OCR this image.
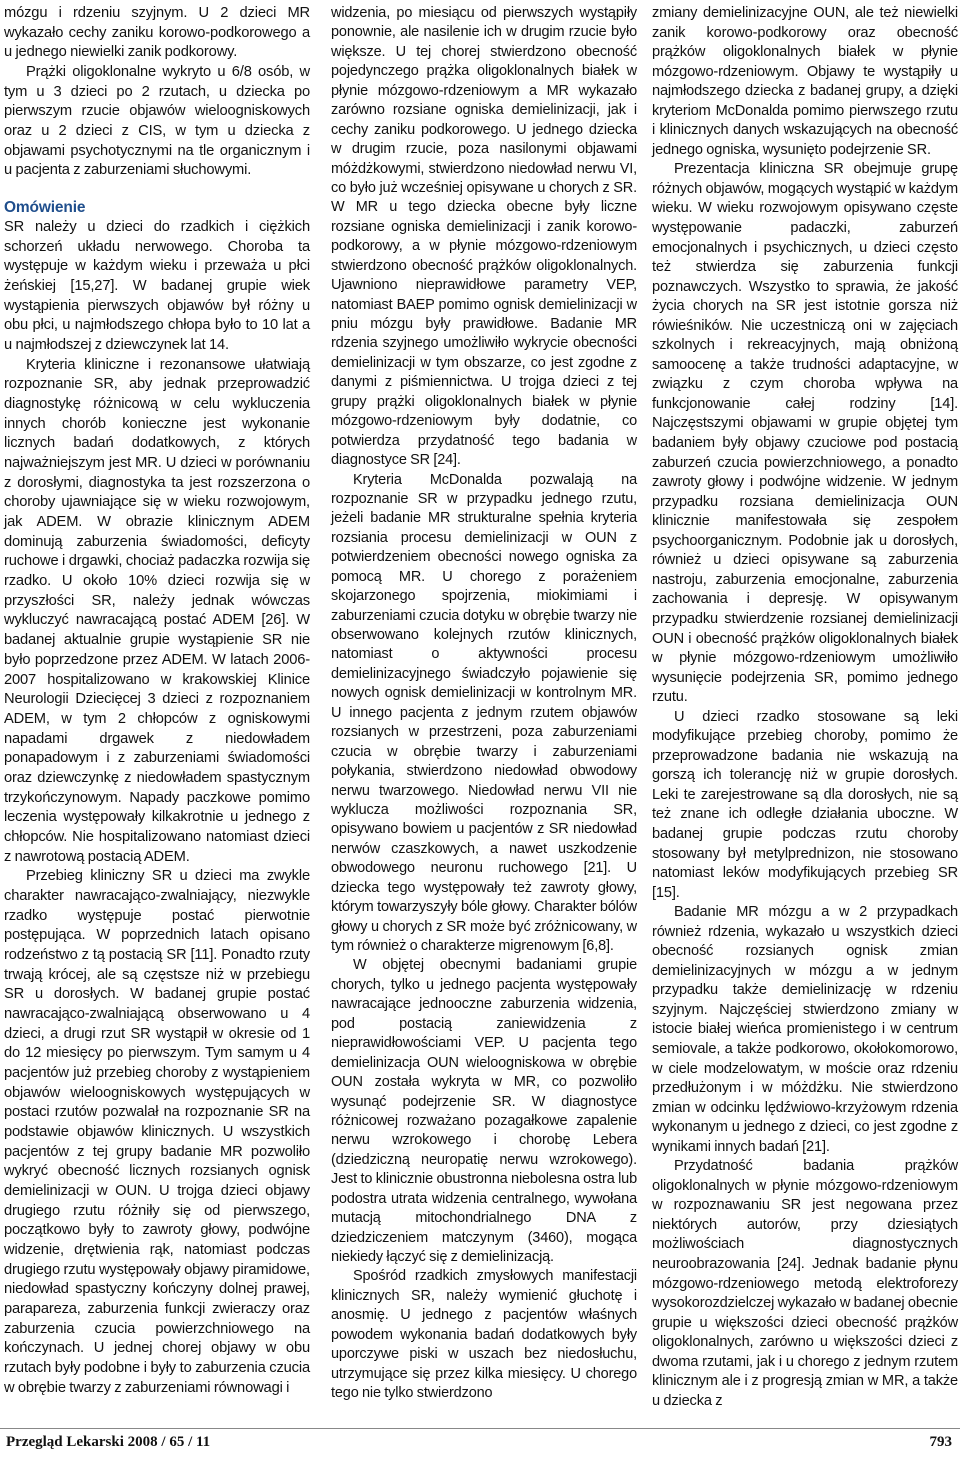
mózgu i rdzeniu szyjnym. U 2 dzieci MR wykazało cechy zaniku korowo-podkorowego a u jednego niewielki zanik podkorowy.

Prążki oligoklonalne wykryto u 6/8 osób, w tym u 3 dzieci po 2 rzutach, u dziecka po pierwszym rzucie objawów wieloogniskowych oraz u 2 dzieci z CIS, w tym u dziecka z objawami psychotycznymi na tle organicznym i u pacjenta z zaburzeniami słuchowymi.

Omówienie

SR należy u dzieci do rzadkich i ciężkich schorzeń układu nerwowego. Choroba ta występuje w każdym wieku i przeważa u płci żeńskiej [15,27]. W badanej grupie wiek wystąpienia pierwszych objawów był różny u obu płci, u najmłodszego chłopa było to 10 lat a u najmłodszej z dziewczynek lat 14.

Kryteria kliniczne i rezonansowe ułatwiają rozpoznanie SR, aby jednak przeprowadzić diagnostykę różnicową w celu wykluczenia innych chorób konieczne jest wykonanie licznych badań dodatkowych, z których najważniejszym jest MR. U dzieci w porównaniu z dorosłymi, diagnostyka ta jest rozszerzona o choroby ujawniające się w wieku rozwojowym, jak ADEM. W obrazie klinicznym ADEM dominują zaburzenia świadomości, deficyty ruchowe i drgawki, chociaż padaczka rozwija się rzadko. U około 10% dzieci rozwija się w przyszłości SR, należy jednak wówczas wykluczyć nawracającą postać ADEM [26]. W badanej aktualnie grupie wystąpienie SR nie było poprzedzone przez ADEM. W latach 2006-2007 hospitalizowano w krakowskiej Klinice Neurologii Dziecięcej 3 dzieci z rozpoznaniem ADEM, w tym 2 chłopców z ogniskowymi napadami drgawek z niedowładem ponapadowym i z zaburzeniami świadomości oraz dziewczynkę z niedowładem spastycznym trzykończynowym. Napady paczkowe pomimo leczenia występowały kilkakrotnie u jednego z chłopców. Nie hospitalizowano natomiast dzieci z nawrotową postacią ADEM.

Przebieg kliniczny SR u dzieci ma zwykle charakter nawracająco-zwalniający, niezwykle rzadko występuje postać pierwotnie postępująca. W poprzednich latach opisano rodzeństwo z tą postacią SR [11]. Ponadto rzuty trwają krócej, ale są częstsze niż w przebiegu SR u dorosłych. W badanej grupie postać nawracająco-zwalniającą obserwowano u 4 dzieci, a drugi rzut SR wystąpił w okresie od 1 do 12 miesięcy po pierwszym. Tym samym u 4 pacjentów już przebieg choroby z wystąpieniem objawów wieloogniskowych występujących w postaci rzutów pozwalał na rozpoznanie SR na podstawie objawów klinicznych. U wszystkich pacjentów z tej grupy badanie MR pozwoliło wykryć obecność licznych rozsianych ognisk demielinizacji w OUN. U trojga dzieci objawy drugiego rzutu różniły się od pierwszego, początkowo były to zawroty głowy, podwójne widzenie, drętwienia rąk, natomiast podczas drugiego rzutu występowały objawy piramidowe, niedowład spastyczny kończyny dolnej prawej, parapareza, zaburzenia funkcji zwieraczy oraz zaburzenia czucia powierzchniowego na kończynach. U jednej chorej objawy w obu rzutach były podobne i były to zaburzenia czucia w obrębie twarzy z zaburzeniami równowagi i

widzenia, po miesiącu od pierwszych wystąpiły ponownie, ale nasilenie ich w drugim rzucie było większe. U tej chorej stwierdzono obecność pojedynczego prążka oligoklonalnych białek w płynie mózgowo-rdzeniowym a MR wykazało zarówno rozsiane ogniska demielinizacji, jak i cechy zaniku podkorowego. U jednego dziecka w drugim rzucie, poza nasilonymi objawami móżdżkowymi, stwierdzono niedowład nerwu VI, co było już wcześniej opisywane u chorych z SR. W MR u tego dziecka obecne były liczne rozsiane ogniska demielinizacji i zanik korowo-podkorowy, a w płynie mózgowo-rdzeniowym stwierdzono obecność prążków oligoklonalnych. Ujawniono nieprawidłowe parametry VEP, natomiast BAEP pomimo ognisk demielinizacji w pniu mózgu były prawidłowe. Badanie MR rdzenia szyjnego umożliwiło wykrycie obecności demielinizacji w tym obszarze, co jest zgodne z danymi z piśmiennictwa. U trojga dzieci z tej grupy prążki oligoklonalnych białek w płynie mózgowo-rdzeniowym były dodatnie, co potwierdza przydatność tego badania w diagnostyce SR [24].

Kryteria McDonalda pozwalają na rozpoznanie SR w przypadku jednego rzutu, jeżeli badanie MR strukturalne spełnia kryteria rozsiania procesu demielinizacji w OUN z potwierdzeniem obecności nowego ogniska za pomocą MR. U chorego z porażeniem skojarzonego spojrzenia, miokimiami i zaburzeniami czucia dotyku w obrębie twarzy nie obserwowano kolejnych rzutów klinicznych, natomiast o aktywności procesu demielinizacyjnego świadczyło pojawienie się nowych ognisk demielinizacji w kontrolnym MR. U innego pacjenta z jednym rzutem objawów rozsianych w przestrzeni, poza zaburzeniami czucia w obrębie twarzy i zaburzeniami połykania, stwierdzono niedowład obwodowy nerwu twarzowego. Niedowład nerwu VII nie wyklucza możliwości rozpoznania SR, opisywano bowiem u pacjentów z SR niedowład nerwów czaszkowych, a nawet uszkodzenie obwodowego neuronu ruchowego [21]. U dziecka tego występowały też zawroty głowy, którym towarzyszyły bóle głowy. Charakter bólów głowy u chorych z SR może być zróżnicowany, w tym również o charakterze migrenowym [6,8].

W objętej obecnymi badaniami grupie chorych, tylko u jednego pacjenta występowały nawracające jednooczne zaburzenia widzenia, pod postacią zaniewidzenia z nieprawidłowościami VEP. U pacjenta tego demielinizacja OUN wieloogniskowa w obrębie OUN została wykryta w MR, co pozwoliło wysunąć podejrzenie SR. W diagnostyce różnicowej rozważano pozagałkowe zapalenie nerwu wzrokowego i chorobę Lebera (dziedziczną neuropatię nerwu wzrokowego). Jest to klinicznie obustronna niebolesna ostra lub podostra utrata widzenia centralnego, wywołana mutacją mitochondrialnego DNA z dziedziczeniem matczynym (3460), mogąca niekiedy łączyć się z demielinizacją.

Spośród rzadkich zmysłowych manifestacji klinicznych SR, należy wymienić głuchotę i anosmię. U jednego z pacjentów właśnych powodem wykonania badań dodatkowych były uporczywe piski w uszach bez niedosłuchu, utrzymujące się przez kilka miesięcy. U chorego tego nie tylko stwierdzono

zmiany demielinizacyjne OUN, ale też niewielki zanik korowo-podkorowy oraz obecność prążków oligoklonalnych białek w płynie mózgowo-rdzeniowym. Objawy te wystąpiły u najmłodszego dziecka z badanej grupy, a dzięki kryteriom McDonalda pomimo pierwszego rzutu i klinicznych danych wskazujących na obecność jednego ogniska, wysunięto podejrzenie SR.

Prezentacja kliniczna SR obejmuje grupę różnych objawów, mogących wystąpić w każdym wieku. W wieku rozwojowym opisywano częste występowanie padaczki, zaburzeń emocjonalnych i psychicznych, u dzieci często też stwierdza się zaburzenia funkcji poznawczych. Wszystko to sprawia, że jakość życia chorych na SR jest istotnie gorsza niż rówieśników. Nie uczestniczą oni w zajęciach szkolnych i rekreacyjnych, mają obniżoną samoocenę a także trudności adaptacyjne, w związku z czym choroba wpływa na funkcjonowanie całej rodziny [14]. Najczęstszymi objawami w grupie objętej tym badaniem były objawy czuciowe pod postacią zaburzeń czucia powierzchniowego, a ponadto zawroty głowy i podwójne widzenie. W jednym przypadku rozsiana demielinizacja OUN klinicznie manifestowała się zespołem psychoorganicznym. Podobnie jak u dorosłych, również u dzieci opisywane są zaburzenia nastroju, zaburzenia emocjonalne, zaburzenia zachowania i depresję. W opisywanym przypadku stwierdzenie rozsianej demielinizacji OUN i obecność prążków oligoklonalnych białek w płynie mózgowo-rdzeniowym umożliwiło wysunięcie podejrzenia SR, pomimo jednego rzutu.

U dzieci rzadko stosowane są leki modyfikujące przebieg choroby, pomimo że przeprowadzone badania nie wskazują na gorszą ich tolerancję niż w grupie dorosłych. Leki te zarejestrowane są dla dorosłych, nie są też znane ich odległe działania uboczne. W badanej grupie podczas rzutu choroby stosowany był metylprednizon, nie stosowano natomiast leków modyfikujących przebieg SR [15].

Badanie MR mózgu a w 2 przypadkach również rdzenia, wykazało u wszystkich dzieci obecność rozsianych ognisk zmian demielinizacyjnych w mózgu a w jednym przypadku także demielinizację w rdzeniu szyjnym. Najczęściej stwierdzono zmiany w istocie białej wieńca promienistego i w centrum semiovale, a także podkorowo, okołokomorowo, w ciele modzelowatym, w moście oraz rdzeniu przedłużonym i w móżdżku. Nie stwierdzono zmian w odcinku lędźwiowo-krzyżowym rdzenia wykonanym u jednego z dzieci, co jest zgodne z wynikami innych badań [21].

Przydatność badania prążków oligoklonalnych w płynie mózgowo-rdzeniowym w rozpoznawaniu SR jest negowana przez niektórych autorów, przy dziesiątych możliwościach diagnostycznych neuroobrazowania [24]. Jednak badanie płynu mózgowo-rdzeniowego metodą elektroforezy wysokorozdzielczej wykazało w badanej obecnie grupie u większości dzieci obecność prążków oligoklonalnych, zarówno u większości dzieci z dwoma rzutami, jak i u chorego z jednym rzutem klinicznym ale i z progresją zmian w MR, a także u dziecka z

Przegląd Lekarski 2008 / 65 / 11	793
